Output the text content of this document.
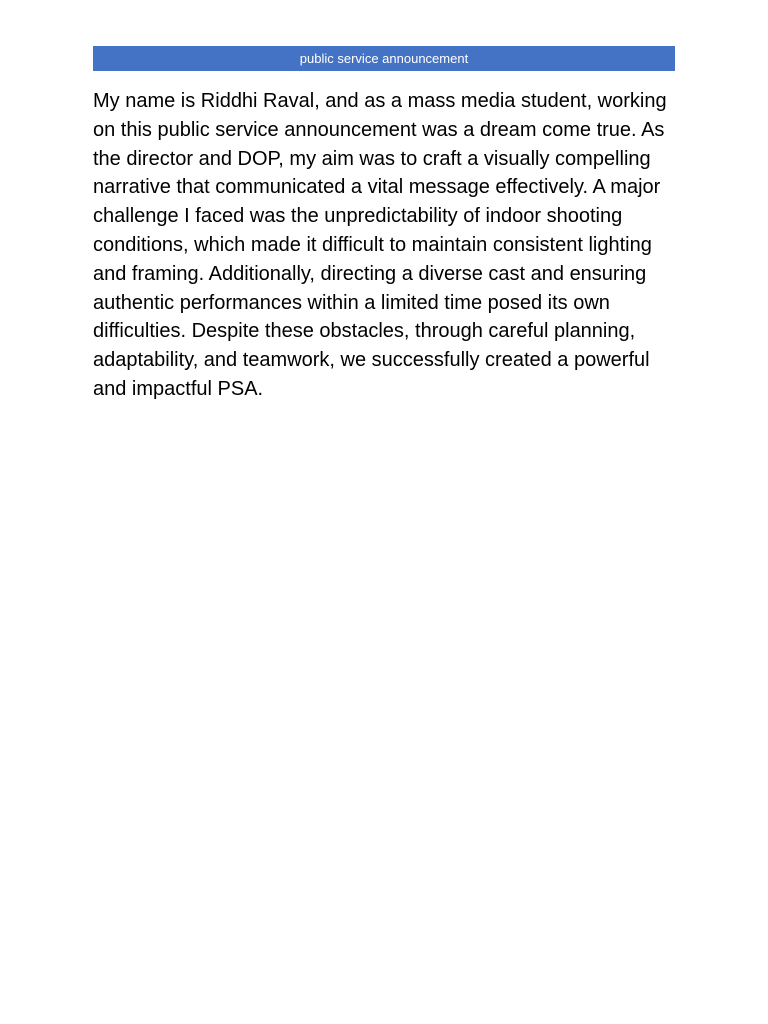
public service announcement

My name is Riddhi Raval, and as a mass media student, working on this public service announcement was a dream come true. As the director and DOP, my aim was to craft a visually compelling narrative that communicated a vital message effectively. A major challenge I faced was the unpredictability of indoor shooting conditions, which made it difficult to maintain consistent lighting and framing. Additionally, directing a diverse cast and ensuring authentic performances within a limited time posed its own difficulties. Despite these obstacles, through careful planning, adaptability, and teamwork, we successfully created a powerful and impactful PSA.
